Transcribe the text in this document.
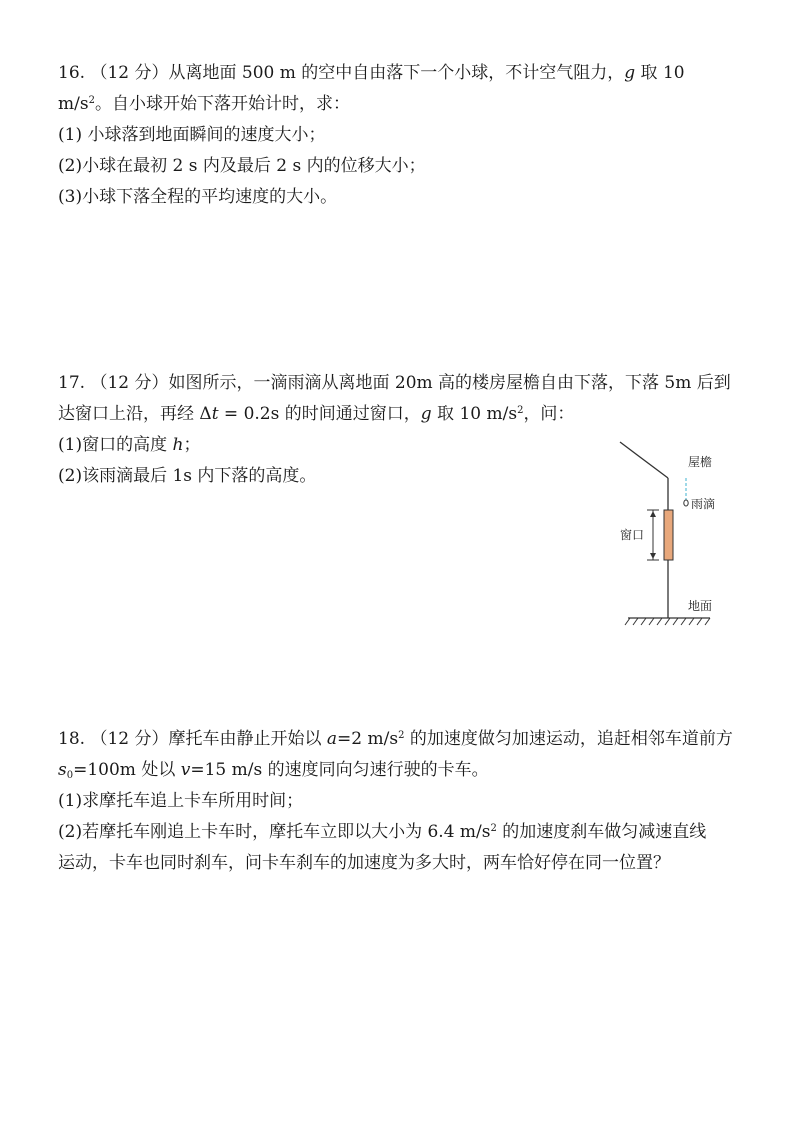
16. （12 分）从离地面 500 m 的空中自由落下一个小球，不计空气阻力，g 取 10
$m/s^2$。自小球开始下落开始计时，求：
(1) 小球落到地面瞬间的速度大小；
(2)小球在最初 2 s 内及最后 2 s 内的位移大小；
(3)小球下落全程的平均速度的大小。
17. （12 分）如图所示，一滴雨滴从离地面 20m 高的楼房屋檐自由下落，下落 5m 后到
达窗口上沿，再经 Δt = 0.2s 的时间通过窗口，g 取 10 $m/s^2$，问：
(1)窗口的高度 h；
(2)该雨滴最后 1s 内下落的高度。
屋檐
雨滴
窗口
地面
18. （12 分）摩托车由静止开始以 a=2 $m/s^2$ 的加速度做匀加速运动，追赶相邻车道前方
$s_0=100m$ 处以 v=15 m/s 的速度同向匀速行驶的卡车。
(1)求摩托车追上卡车所用时间；
(2)若摩托车刚追上卡车时，摩托车立即以大小为 6.4 $m/s^2$ 的加速度刹车做匀减速直线
运动，卡车也同时刹车，问卡车刹车的加速度为多大时，两车恰好停在同一位置？
